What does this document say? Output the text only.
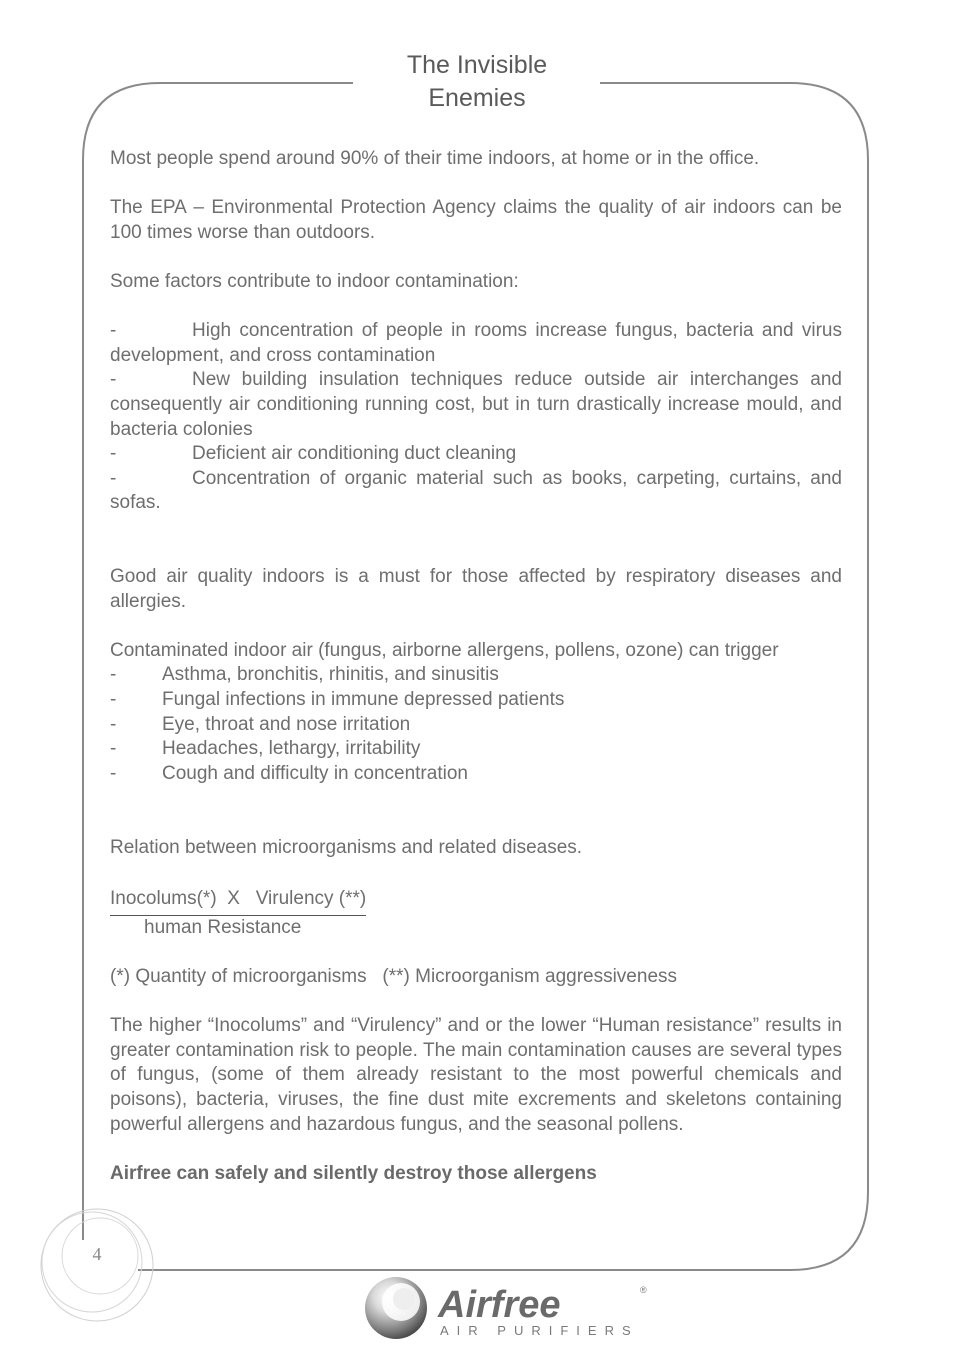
The Invisible
Enemies

Most people spend around 90% of their time indoors, at home or in the office.

The EPA – Environmental Protection Agency claims the quality of air indoors can be 100 times worse than outdoors.

Some factors contribute to indoor contamination:

-	High concentration of people in rooms increase fungus, bacteria and virus development, and cross contamination

-	New building insulation techniques reduce outside air interchanges and consequently air conditioning running cost, but in turn drastically increase mould, and bacteria colonies

-	Deficient air conditioning duct cleaning

-	Concentration of organic material such as books, carpeting, curtains, and sofas.

Good air quality indoors is a must for those affected by respiratory diseases and allergies.

Contaminated indoor air (fungus, airborne allergens, pollens, ozone) can trigger

-	Asthma, bronchitis, rhinitis, and sinusitis
-	Fungal infections in immune depressed patients
-	Eye, throat and nose irritation
-	Headaches, lethargy, irritability
-	Cough and difficulty in concentration

Relation between microorganisms and related diseases.

Inocolums(*)  X   Virulency (**)
human Resistance

(*) Quantity of microorganisms   (**) Microorganism aggressiveness

The higher “Inocolums” and “Virulency” and or the lower “Human resistance” results in greater contamination risk to people. The main contamination causes are several types of fungus, (some of them already resistant to the most powerful chemicals and poisons), bacteria, viruses, the fine dust mite excrements and skeletons containing powerful allergens and hazardous fungus, and the seasonal pollens.

Airfree can safely and silently destroy those allergens

4
Airfree	®
AIR PURIFIERS
